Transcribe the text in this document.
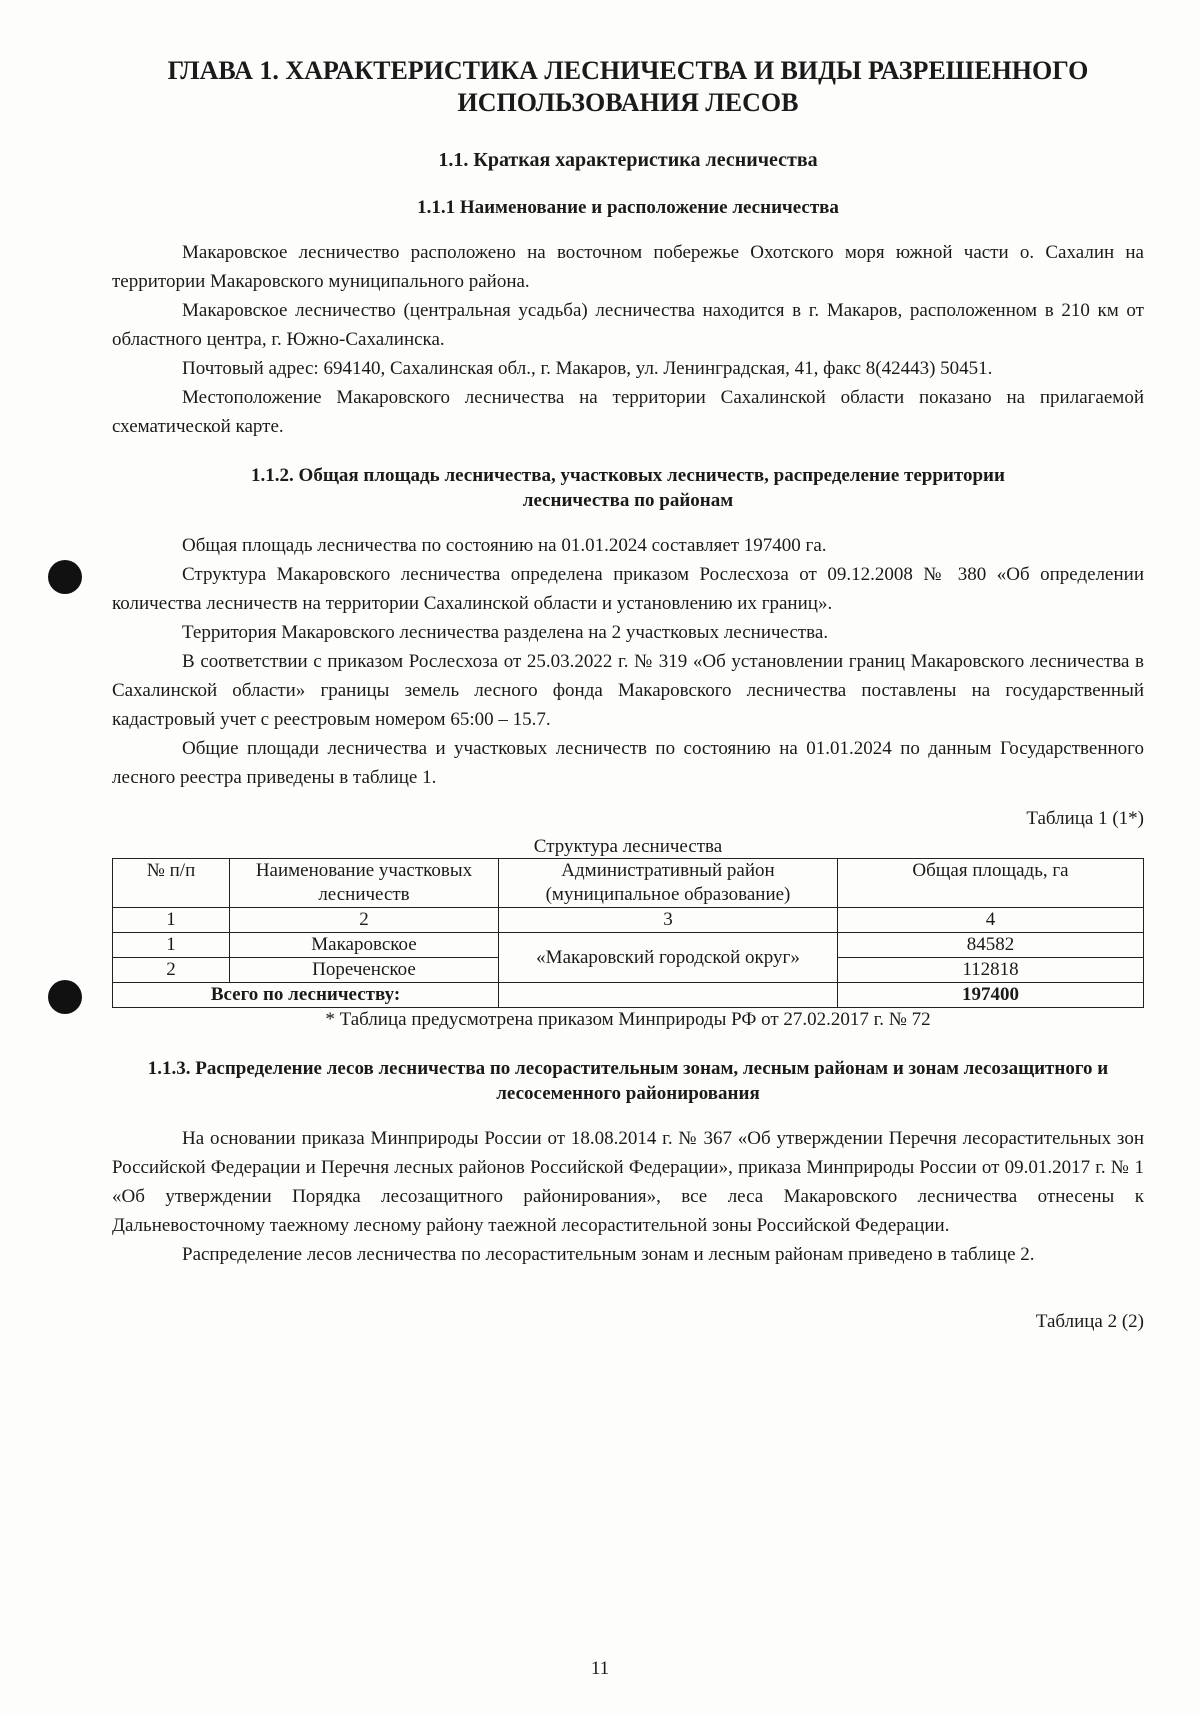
ГЛАВА 1. ХАРАКТЕРИСТИКА ЛЕСНИЧЕСТВА И ВИДЫ РАЗРЕШЕННОГО ИСПОЛЬЗОВАНИЯ ЛЕСОВ
1.1. Краткая характеристика лесничества
1.1.1 Наименование и расположение лесничества

Макаровское лесничество расположено на восточном побережье Охотского моря южной части о. Сахалин на территории Макаровского муниципального района.

Макаровское лесничество (центральная усадьба) лесничества находится в г. Макаров, расположенном в 210 км от областного центра, г. Южно-Сахалинска.

Почтовый адрес: 694140, Сахалинская обл., г. Макаров, ул. Ленинградская, 41, факс 8(42443) 50451.

Местоположение Макаровского лесничества на территории Сахалинской области показано на прилагаемой схематической карте.

1.1.2. Общая площадь лесничества, участковых лесничеств, распределение территории лесничества по районам

Общая площадь лесничества по состоянию на 01.01.2024 составляет 197400 га.

Структура Макаровского лесничества определена приказом Рослесхоза от 09.12.2008 № 380 «Об определении количества лесничеств на территории Сахалинской области и установлению их границ».

Территория Макаровского лесничества разделена на 2 участковых лесничества.

В соответствии с приказом Рослесхоза от 25.03.2022 г. № 319 «Об установлении границ Макаровского лесничества в Сахалинской области» границы земель лесного фонда Макаровского лесничества поставлены на государственный кадастровый учет с реестровым номером 65:00 – 15.7.

Общие площади лесничества и участковых лесничеств по состоянию на 01.01.2024 по данным Государственного лесного реестра приведены в таблице 1.

Таблица 1 (1*)

Структура лесничества

№ п/п	Наименование участковых лесничеств	Административный район (муниципальное образование)	Общая площадь, га
1	2	3	4
1	Макаровское	«Макаровский городской округ»	84582
2	Пореченское		112818
Всего по лесничеству:			197400

* Таблица предусмотрена приказом Минприроды РФ от 27.02.2017 г. № 72

1.1.3. Распределение лесов лесничества по лесорастительным зонам, лесным районам и зонам лесозащитного и лесосеменного районирования

На основании приказа Минприроды России от 18.08.2014 г. № 367 «Об утверждении Перечня лесорастительных зон Российской Федерации и Перечня лесных районов Российской Федерации», приказа Минприроды России от 09.01.2017 г. № 1 «Об утверждении Порядка лесозащитного районирования», все леса Макаровского лесничества отнесены к Дальневосточному таежному лесному району таежной лесорастительной зоны Российской Федерации.

Распределение лесов лесничества по лесорастительным зонам и лесным районам приведено в таблице 2.

Таблица 2 (2)

11
